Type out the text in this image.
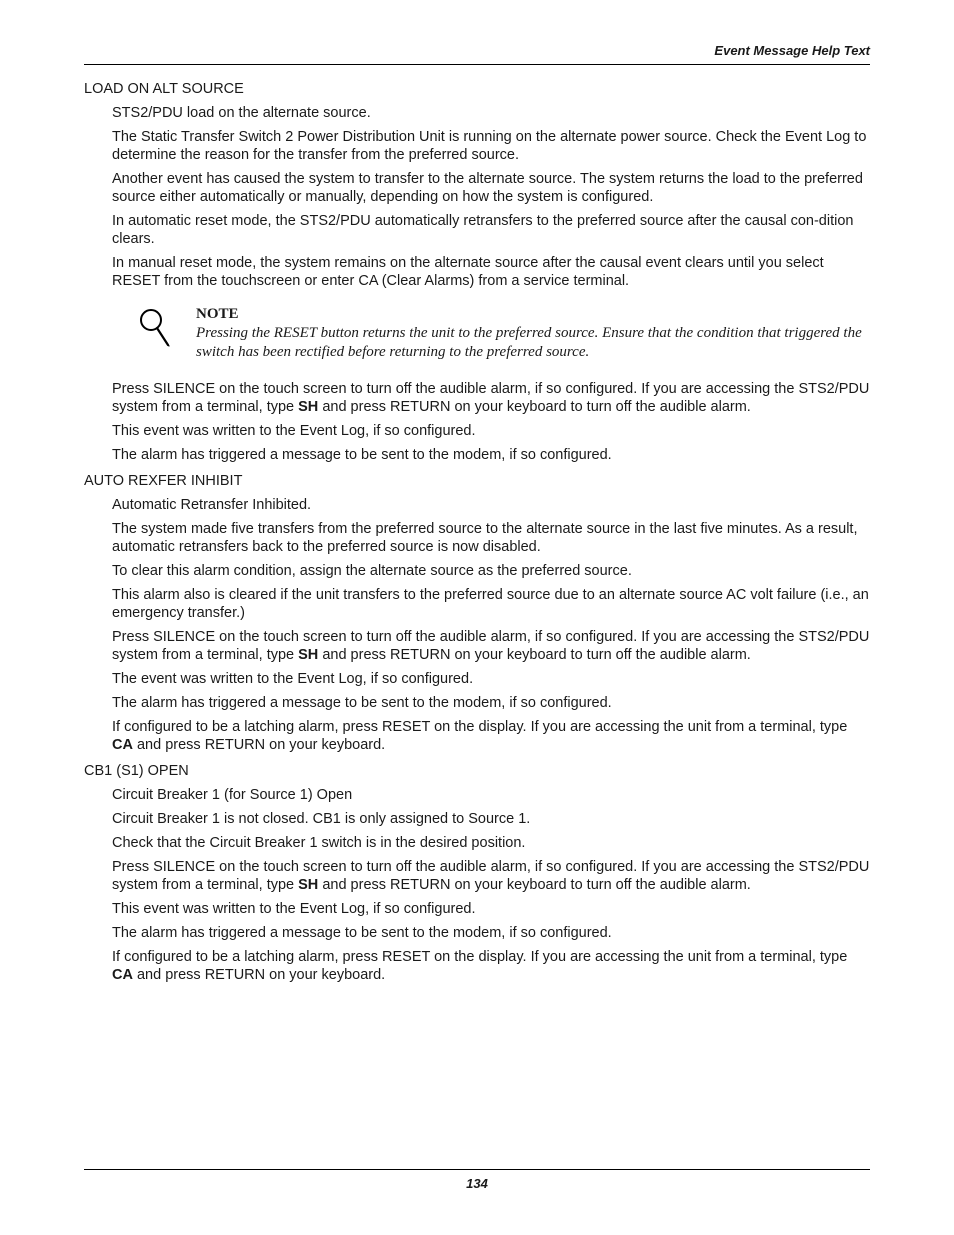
Event Message Help Text
LOAD ON ALT SOURCE

STS2/PDU load on the alternate source.

The Static Transfer Switch 2 Power Distribution Unit is running on the alternate power source. Check the Event Log to determine the reason for the transfer from the preferred source.

Another event has caused the system to transfer to the alternate source. The system returns the load to the preferred source either automatically or manually, depending on how the system is configured.

In automatic reset mode, the STS2/PDU automatically retransfers to the preferred source after the causal con-dition clears.

In manual reset mode, the system remains on the alternate source after the causal event clears until you select RESET from the touchscreen or enter CA (Clear Alarms) from a service terminal.

NOTE
Pressing the RESET button returns the unit to the preferred source. Ensure that the condition that triggered the switch has been rectified before returning to the preferred source.

Press SILENCE on the touch screen to turn off the audible alarm, if so configured. If you are accessing the STS2/PDU system from a terminal, type SH and press RETURN on your keyboard to turn off the audible alarm.

This event was written to the Event Log, if so configured.

The alarm has triggered a message to be sent to the modem, if so configured.

AUTO REXFER INHIBIT

Automatic Retransfer Inhibited.

The system made five transfers from the preferred source to the alternate source in the last five minutes. As a result, automatic retransfers back to the preferred source is now disabled.

To clear this alarm condition, assign the alternate source as the preferred source.

This alarm also is cleared if the unit transfers to the preferred source due to an alternate source AC volt failure (i.e., an emergency transfer.)

Press SILENCE on the touch screen to turn off the audible alarm, if so configured. If you are accessing the STS2/PDU system from a terminal, type SH and press RETURN on your keyboard to turn off the audible alarm.

The event was written to the Event Log, if so configured.

The alarm has triggered a message to be sent to the modem, if so configured.

If configured to be a latching alarm, press RESET on the display. If you are accessing the unit from a terminal, type CA and press RETURN on your keyboard.

CB1 (S1) OPEN

Circuit Breaker 1 (for Source 1) Open

Circuit Breaker 1 is not closed. CB1 is only assigned to Source 1.

Check that the Circuit Breaker 1 switch is in the desired position.

Press SILENCE on the touch screen to turn off the audible alarm, if so configured. If you are accessing the STS2/PDU system from a terminal, type SH and press RETURN on your keyboard to turn off the audible alarm.

This event was written to the Event Log, if so configured.

The alarm has triggered a message to be sent to the modem, if so configured.

If configured to be a latching alarm, press RESET on the display. If you are accessing the unit from a terminal, type CA and press RETURN on your keyboard.

134
